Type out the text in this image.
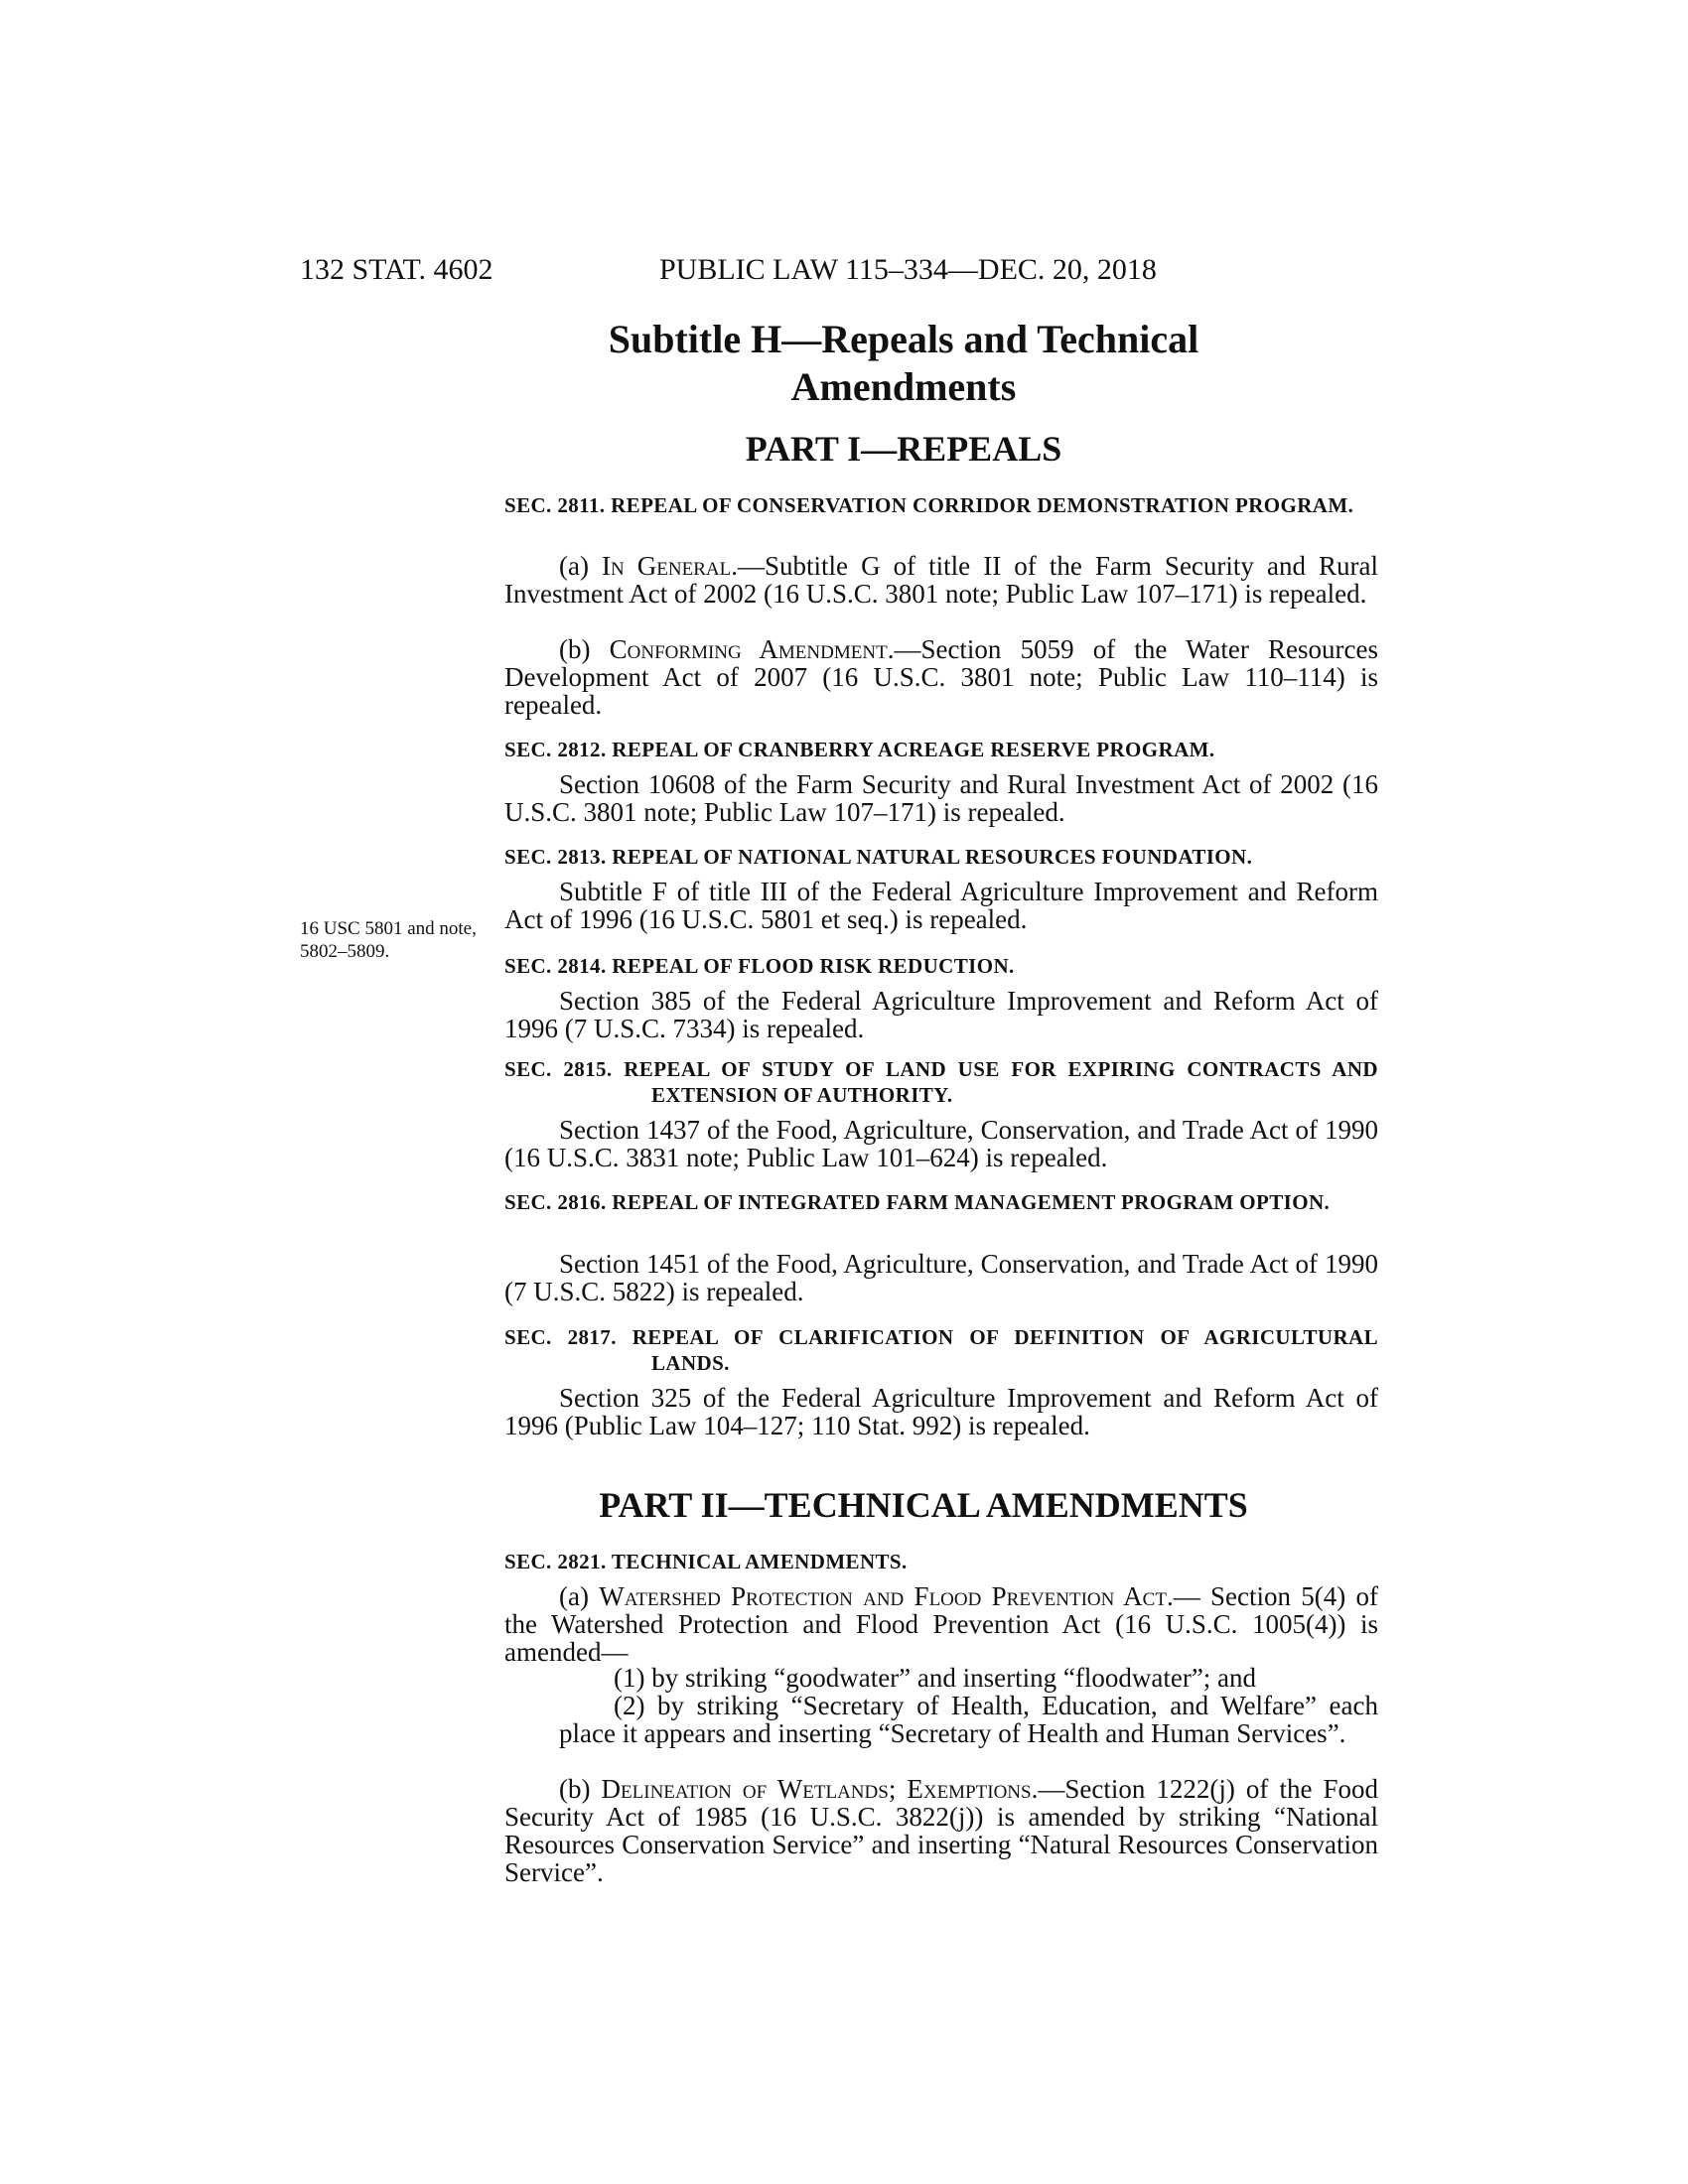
132 STAT. 4602	PUBLIC LAW 115–334—DEC. 20, 2018
Subtitle H—Repeals and Technical Amendments
PART I—REPEALS
SEC. 2811. REPEAL OF CONSERVATION CORRIDOR DEMONSTRATION PROGRAM.
(a) In General.—Subtitle G of title II of the Farm Security and Rural Investment Act of 2002 (16 U.S.C. 3801 note; Public Law 107–171) is repealed.
(b) Conforming Amendment.—Section 5059 of the Water Resources Development Act of 2007 (16 U.S.C. 3801 note; Public Law 110–114) is repealed.
SEC. 2812. REPEAL OF CRANBERRY ACREAGE RESERVE PROGRAM.
Section 10608 of the Farm Security and Rural Investment Act of 2002 (16 U.S.C. 3801 note; Public Law 107–171) is repealed.
SEC. 2813. REPEAL OF NATIONAL NATURAL RESOURCES FOUNDATION.
Subtitle F of title III of the Federal Agriculture Improvement and Reform Act of 1996 (16 U.S.C. 5801 et seq.) is repealed.
16 USC 5801 and note, 5802–5809.
SEC. 2814. REPEAL OF FLOOD RISK REDUCTION.
Section 385 of the Federal Agriculture Improvement and Reform Act of 1996 (7 U.S.C. 7334) is repealed.
SEC. 2815. REPEAL OF STUDY OF LAND USE FOR EXPIRING CONTRACTS AND EXTENSION OF AUTHORITY.
Section 1437 of the Food, Agriculture, Conservation, and Trade Act of 1990 (16 U.S.C. 3831 note; Public Law 101–624) is repealed.
SEC. 2816. REPEAL OF INTEGRATED FARM MANAGEMENT PROGRAM OPTION.
Section 1451 of the Food, Agriculture, Conservation, and Trade Act of 1990 (7 U.S.C. 5822) is repealed.
SEC. 2817. REPEAL OF CLARIFICATION OF DEFINITION OF AGRICULTURAL LANDS.
Section 325 of the Federal Agriculture Improvement and Reform Act of 1996 (Public Law 104–127; 110 Stat. 992) is repealed.
PART II—TECHNICAL AMENDMENTS
SEC. 2821. TECHNICAL AMENDMENTS.
(a) Watershed Protection and Flood Prevention Act.— Section 5(4) of the Watershed Protection and Flood Prevention Act (16 U.S.C. 1005(4)) is amended—
(1) by striking “goodwater” and inserting “floodwater”; and
(2) by striking “Secretary of Health, Education, and Welfare” each place it appears and inserting “Secretary of Health and Human Services”.
(b) Delineation of Wetlands; Exemptions.—Section 1222(j) of the Food Security Act of 1985 (16 U.S.C. 3822(j)) is amended by striking “National Resources Conservation Service” and inserting “Natural Resources Conservation Service”.
